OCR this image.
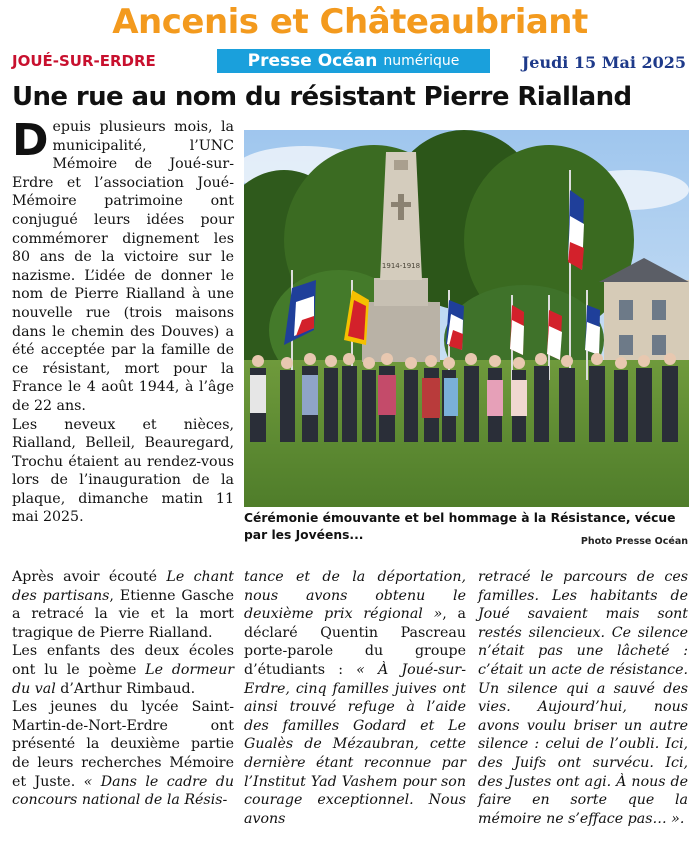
Ancenis et Châteaubriant
JOUÉ-SUR-ERDRE	Presse Océan numérique	Jeudi 15 Mai 2025
Une rue au nom du résistant Pierre Rialland
D epuis plusieurs mois, la municipalité, l’UNC Mémoire de Joué-sur-Erdre et l’association Joué-Mémoire patrimoine ont conjugué leurs idées pour commémorer dignement les 80 ans de la victoire sur le nazisme. L’idée de donner le nom de Pierre Rialland à une nouvelle rue (trois maisons dans le chemin des Douves) a été acceptée par la famille de ce résistant, mort pour la France le 4 août 1944, à l’âge de 22 ans.

Les neveux et nièces, Rialland, Belleil, Beauregard, Trochu étaient au rendez-vous lors de l’inauguration de la plaque, dimanche matin 11 mai 2025.

1914-1918
Cérémonie émouvante et bel hommage à la Résistance, vécue par les Jovéens...	Photo Presse Océan

Après avoir écouté Le chant des partisans, Etienne Gasche a retracé la vie et la mort tragique de Pierre Rialland.

Les enfants des deux écoles ont lu le poème Le dormeur du val d’Arthur Rimbaud.

Les jeunes du lycée Saint-Martin-de-Nort-Erdre ont présenté la deuxième partie de leurs recherches Mémoire et Juste. « Dans le cadre du concours national de la Résis-

tance et de la déportation, nous avons obtenu le deuxième prix régional », a déclaré Quentin Pascreau porte-parole du groupe d’étudiants : « À Joué-sur-Erdre, cinq familles juives ont ainsi trouvé refuge à l’aide des familles Godard et Le Gualès de Mézaubran, cette dernière étant reconnue par l’Institut Yad Vashem pour son courage exceptionnel. Nous avons

retracé le parcours de ces familles. Les habitants de Joué savaient mais sont restés silencieux. Ce silence n’était pas une lâcheté : c’était un acte de résistance. Un silence qui a sauvé des vies. Aujourd’hui, nous avons voulu briser un autre silence : celui de l’oubli. Ici, des Juifs ont survécu. Ici, des Justes ont agi. À nous de faire en sorte que la mémoire ne s’efface pas… ».
